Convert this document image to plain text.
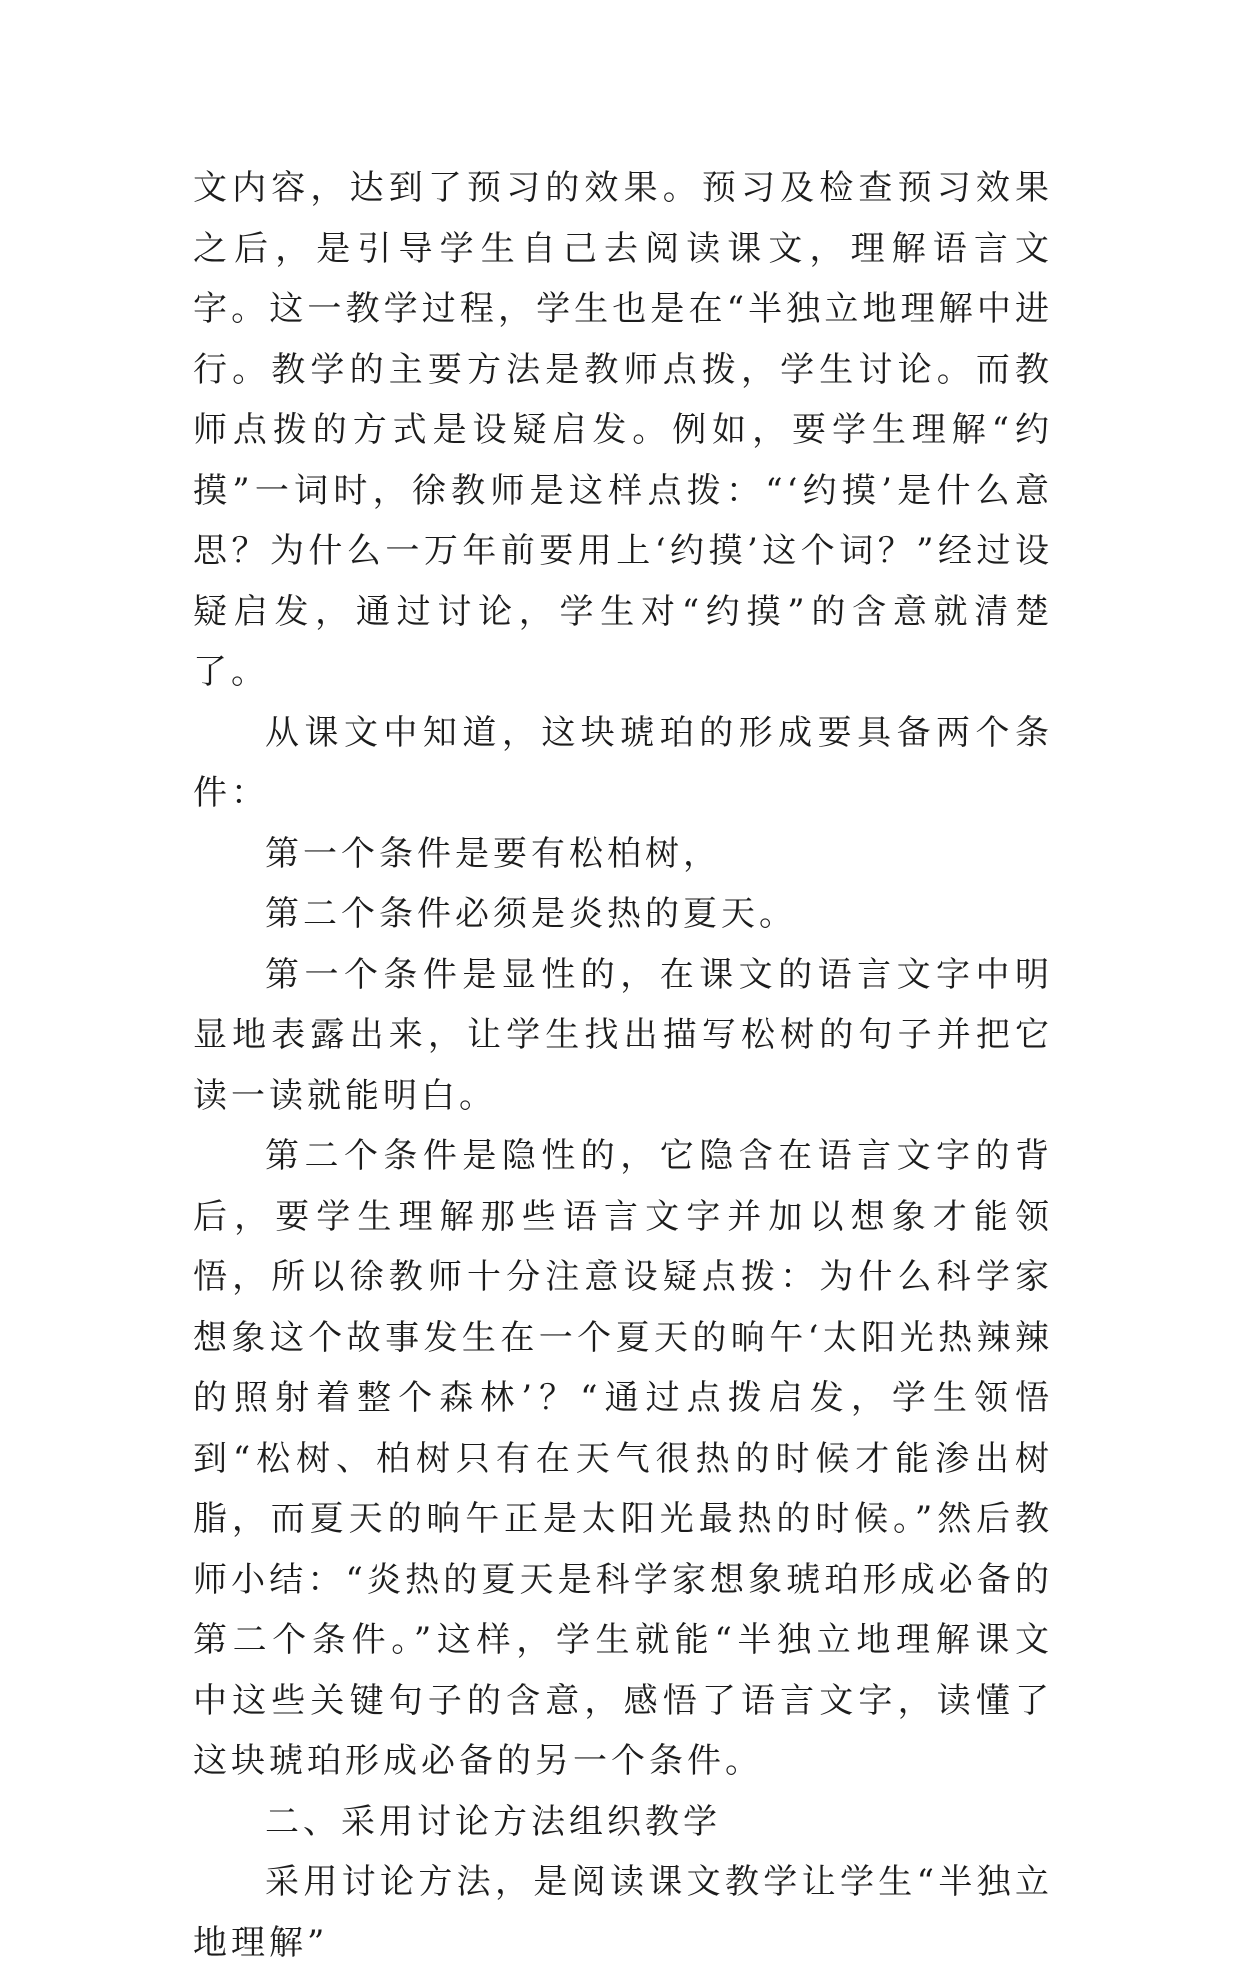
文内容，达到了预习的效果。预习及检查预习效果之后，是引导学生自己去阅读课文，理解语言文字。这一教学过程，学生也是在“半独立地理解中进行。教学的主要方法是教师点拨，学生讨论。而教师点拨的方式是设疑启发。例如，要学生理解“约摸”一词时，徐教师是这样点拨：“‘约摸’是什么意思？为什么一万年前要用上‘约摸’这个词？”经过设疑启发，通过讨论，学生对“约摸”的含意就清楚了。

从课文中知道，这块琥珀的形成要具备两个条件：

第一个条件是要有松柏树，

第二个条件必须是炎热的夏天。

第一个条件是显性的，在课文的语言文字中明显地表露出来，让学生找出描写松树的句子并把它读一读就能明白。

第二个条件是隐性的，它隐含在语言文字的背后，要学生理解那些语言文字并加以想象才能领悟，所以徐教师十分注意设疑点拨：为什么科学家想象这个故事发生在一个夏天的晌午‘太阳光热辣辣的照射着整个森林’？“通过点拨启发，学生领悟到“松树、柏树只有在天气很热的时候才能渗出树脂，而夏天的晌午正是太阳光最热的时候。”然后教师小结：“炎热的夏天是科学家想象琥珀形成必备的第二个条件。”这样，学生就能“半独立地理解课文中这些关键句子的含意，感悟了语言文字，读懂了这块琥珀形成必备的另一个条件。

二、采用讨论方法组织教学

采用讨论方法，是阅读课文教学让学生“半独立地理解”
